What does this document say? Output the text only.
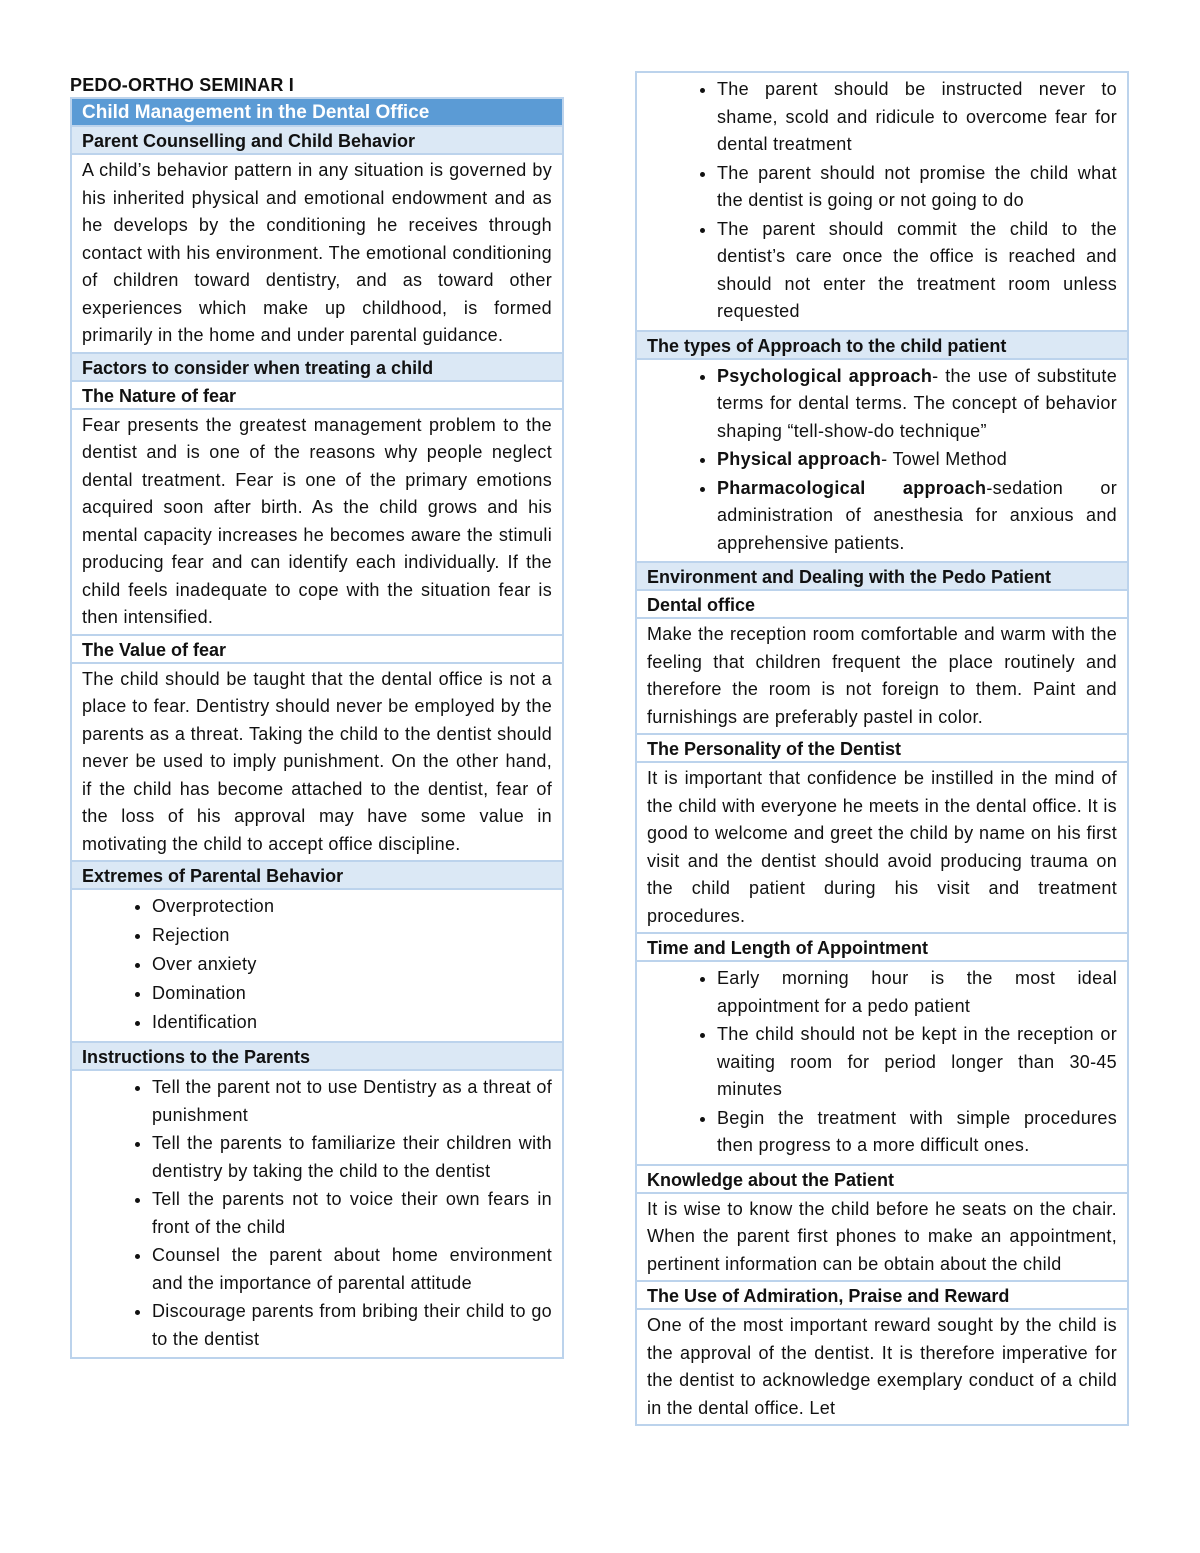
PEDO-ORTHO SEMINAR I
Child Management in the Dental Office
Parent Counselling and Child Behavior
A child’s behavior pattern in any situation is governed by his inherited physical and emotional endowment and as he develops by the conditioning he receives through contact with his environment. The emotional conditioning of children toward dentistry, and as toward other experiences which make up childhood, is formed primarily in the home and under parental guidance.
Factors to consider when treating a child
The Nature of fear
Fear presents the greatest management problem to the dentist and is one of the reasons why people neglect dental treatment. Fear is one of the primary emotions acquired soon after birth. As the child grows and his mental capacity increases he becomes aware the stimuli producing fear and can identify each individually. If the child feels inadequate to cope with the situation fear is then intensified.
The Value of fear
The child should be taught that the dental office is not a place to fear. Dentistry should never be employed by the parents as a threat. Taking the child to the dentist should never be used to imply punishment. On the other hand, if the child has become attached to the dentist, fear of the loss of his approval may have some value in motivating the child to accept office discipline.
Extremes of Parental Behavior
• Overprotection
• Rejection
• Over anxiety
• Domination
• Identification
Instructions to the Parents
• Tell the parent not to use Dentistry as a threat of punishment
• Tell the parents to familiarize their children with dentistry by taking the child to the dentist
• Tell the parents not to voice their own fears in front of the child
• Counsel the parent about home environment and the importance of parental attitude
• Discourage parents from bribing their child to go to the dentist
• The parent should be instructed never to shame, scold and ridicule to overcome fear for dental treatment
• The parent should not promise the child what the dentist is going or not going to do
• The parent should commit the child to the dentist’s care once the office is reached and should not enter the treatment room unless requested
The types of Approach to the child patient
• Psychological approach- the use of substitute terms for dental terms. The concept of behavior shaping “tell-show-do technique”
• Physical approach- Towel Method
• Pharmacological approach-sedation or administration of anesthesia for anxious and apprehensive patients.
Environment and Dealing with the Pedo Patient
Dental office
Make the reception room comfortable and warm with the feeling that children frequent the place routinely and therefore the room is not foreign to them. Paint and furnishings are preferably pastel in color.
The Personality of the Dentist
It is important that confidence be instilled in the mind of the child with everyone he meets in the dental office. It is good to welcome and greet the child by name on his first visit and the dentist should avoid producing trauma on the child patient during his visit and treatment procedures.
Time and Length of Appointment
• Early morning hour is the most ideal appointment for a pedo patient
• The child should not be kept in the reception or waiting room for period longer than 30-45 minutes
• Begin the treatment with simple procedures then progress to a more difficult ones.
Knowledge about the Patient
It is wise to know the child before he seats on the chair. When the parent first phones to make an appointment, pertinent information can be obtain about the child
The Use of Admiration, Praise and Reward
One of the most important reward sought by the child is the approval of the dentist. It is therefore imperative for the dentist to acknowledge exemplary conduct of a child in the dental office. Let
